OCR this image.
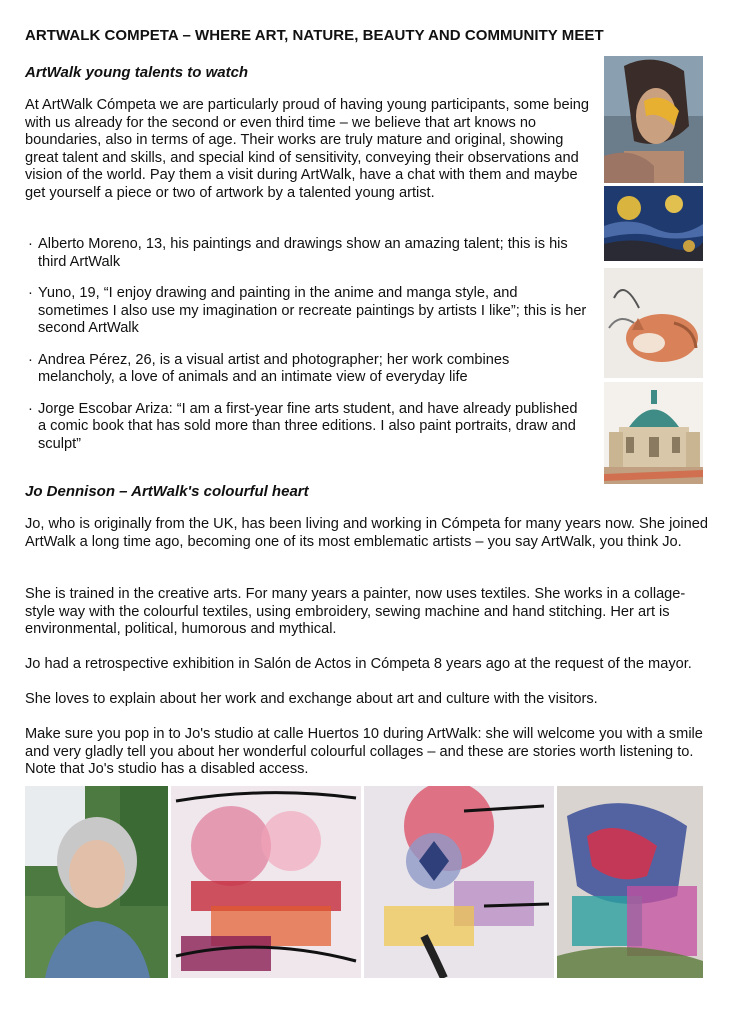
ARTWALK COMPETA – WHERE ART, NATURE, BEAUTY AND COMMUNITY MEET
ArtWalk young talents to watch

At ArtWalk Cómpeta we are particularly proud of having young participants, some being with us already for the second or even third time – we believe that art knows no boundaries, also in terms of age. Their works are truly mature and original, showing great talent and skills, and special kind of sensitivity, conveying their observations and vision of the world. Pay them a visit during ArtWalk, have a chat with them and maybe get yourself a piece or two of artwork by a talented young artist.

· Alberto Moreno, 13, his paintings and drawings show an amazing talent; this is his third ArtWalk
· Yuno, 19, “I enjoy drawing and painting in the anime and manga style, and sometimes I also use my imagination or recreate paintings by artists I like”; this is her second ArtWalk
· Andrea Pérez, 26, is a visual artist and photographer; her work combines melancholy, a love of animals and an intimate view of everyday life
· Jorge Escobar Ariza: “I am a first-year fine arts student, and have already published a comic book that has sold more than three editions. I also paint portraits, draw and sculpt”
Jo Dennison – ArtWalk's colourful heart

Jo, who is originally from the UK, has been living and working in Cómpeta for many years now. She joined ArtWalk a long time ago, becoming one of its most emblematic artists – you say ArtWalk, you think Jo.

She is trained in the creative arts. For many years a painter, now uses textiles. She works in a collage-style way with the colourful textiles, using embroidery, sewing machine and hand stitching. Her art is environmental, political, humorous and mythical.

Jo had a retrospective exhibition in Salón de Actos in Cómpeta 8 years ago at the request of the mayor.

She loves to explain about her work and exchange about art and culture with the visitors.

Make sure you pop in to Jo's studio at calle Huertos 10 during ArtWalk: she will welcome you with a smile and very gladly tell you about her wonderful colourful collages – and these are stories worth listening to. Note that Jo's studio has a disabled access.
